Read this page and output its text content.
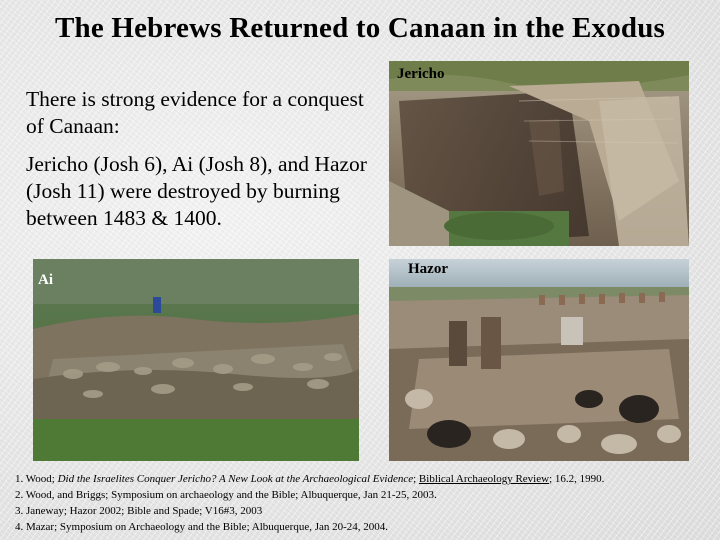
The Hebrews Returned to Canaan in the Exodus
There is strong evidence for a conquest of Canaan:
Jericho (Josh 6), Ai (Josh 8), and Hazor (Josh 11) were destroyed by burning between 1483 & 1400.
Jericho
Ai
Hazor
1. Wood; Did the Israelites Conquer Jericho? A New Look at the Archaeological Evidence; Biblical Archaeology Review; 16.2, 1990.
2. Wood, and Briggs; Symposium on archaeology and the Bible; Albuquerque, Jan 21-25, 2003.
3. Janeway; Hazor 2002; Bible and Spade; V16#3, 2003
4. Mazar; Symposium on Archaeology and the Bible; Albuquerque, Jan 20-24, 2004.
